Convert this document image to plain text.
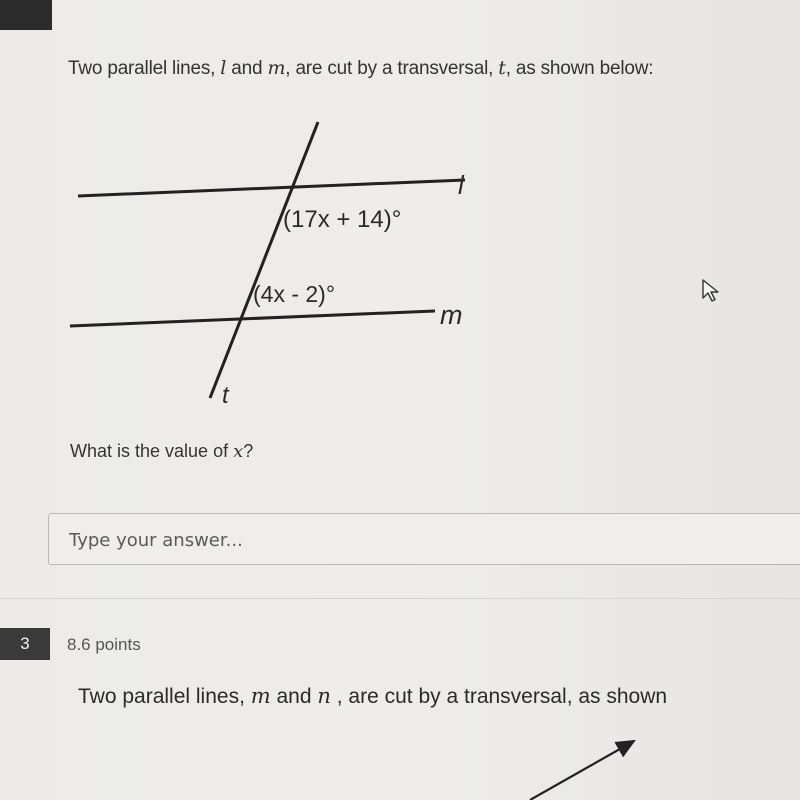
Two parallel lines, l and m, are cut by a transversal, t, as shown below:
l
m
t
(17x + 14)°
(4x - 2)°
What is the value of x?
Type your answer...
3	8.6 points
Two parallel lines, m and n , are cut by a transversal, as shown
